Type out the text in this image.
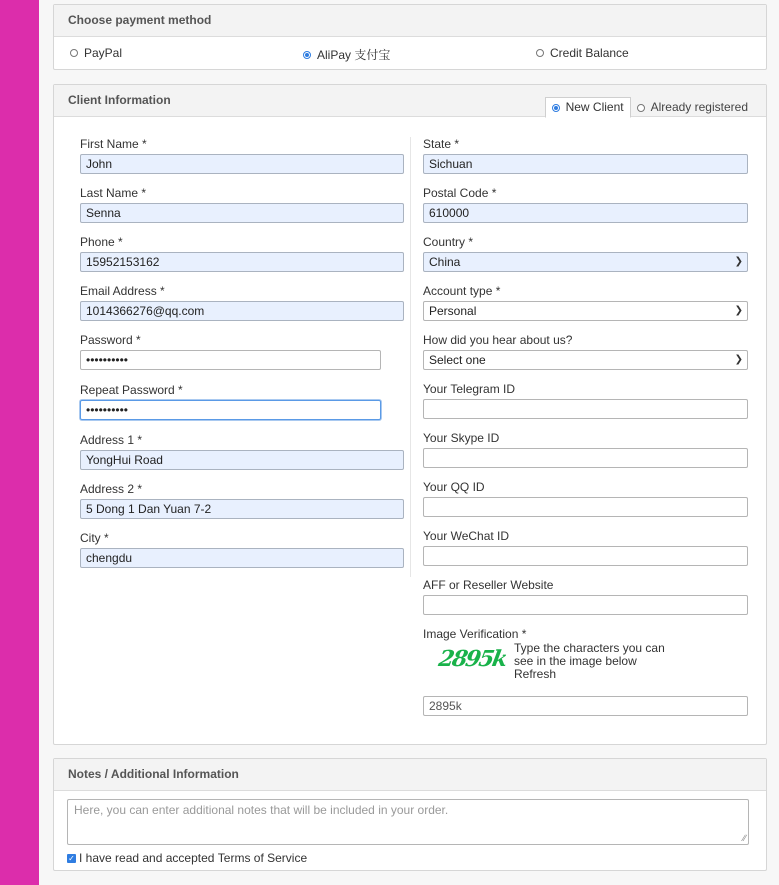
Choose payment method
PayPal	AliPay 支付宝	Credit Balance
Client Information	New Client Already registered
First Name *
John
Last Name *
Senna
Phone *
15952153162
Email Address *
1014366276@qq.com
Password *
••••••••••
Repeat Password *
••••••••••
Address 1 *
YongHui Road
Address 2 *
5 Dong 1 Dan Yuan 7-2
City *
chengdu
State *
Sichuan
Postal Code *
610000
Country *
China	❯
Account type *
Personal	❯
How did you hear about us?
Select one	❯
Your Telegram ID
Your Skype ID
Your QQ ID
Your WeChat ID
AFF or Reseller Website
Image Verification *
2895k Type the characters you can see in the image below
Refresh
2895k
Notes / Additional Information
Here, you can enter additional notes that will be included in your order.
∕∕
✓ I have read and accepted Terms of Service
